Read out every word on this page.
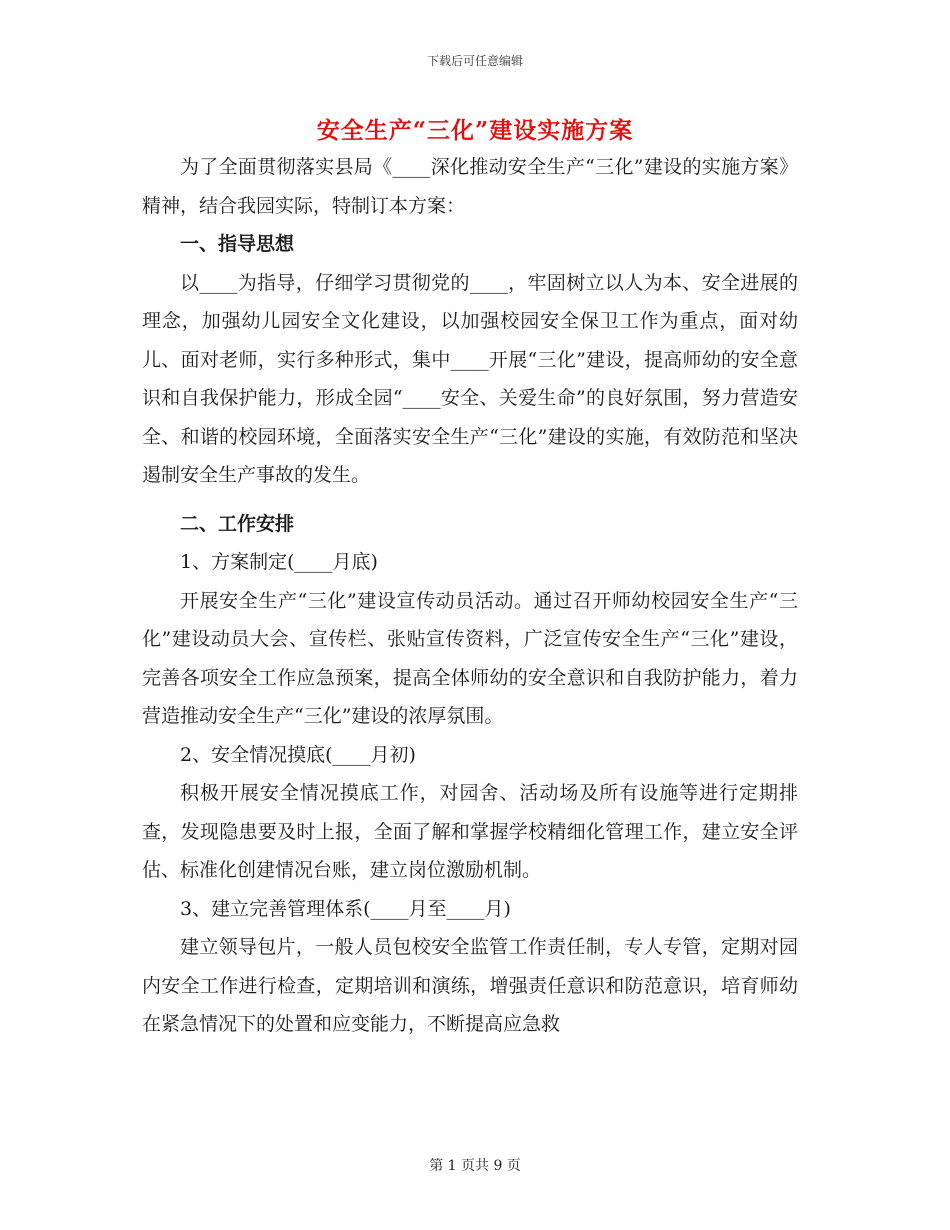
下载后可任意编辑
安全生产“三化”建设实施方案

为了全面贯彻落实县局《____深化推动安全生产“三化”建设的实施方案》精神，结合我园实际，特制订本方案：

一、指导思想

以____为指导，仔细学习贯彻党的____，牢固树立以人为本、安全进展的理念，加强幼儿园安全文化建设，以加强校园安全保卫工作为重点，面对幼儿、面对老师，实行多种形式，集中____开展“三化”建设，提高师幼的安全意识和自我保护能力，形成全园“____安全、关爱生命”的良好氛围，努力营造安全、和谐的校园环境，全面落实安全生产“三化”建设的实施，有效防范和坚决遏制安全生产事故的发生。

二、工作安排

1、方案制定(____月底)

开展安全生产“三化”建设宣传动员活动。通过召开师幼校园安全生产“三化”建设动员大会、宣传栏、张贴宣传资料，广泛宣传安全生产“三化”建设，完善各项安全工作应急预案，提高全体师幼的安全意识和自我防护能力，着力营造推动安全生产“三化”建设的浓厚氛围。

2、安全情况摸底(____月初)

积极开展安全情况摸底工作，对园舍、活动场及所有设施等进行定期排查，发现隐患要及时上报，全面了解和掌握学校精细化管理工作，建立安全评估、标准化创建情况台账，建立岗位激励机制。

3、建立完善管理体系(____月至____月)

建立领导包片，一般人员包校安全监管工作责任制，专人专管，定期对园内安全工作进行检查，定期培训和演练，增强责任意识和防范意识，培育师幼在紧急情况下的处置和应变能力，不断提高应急救

第 1 页共 9 页
